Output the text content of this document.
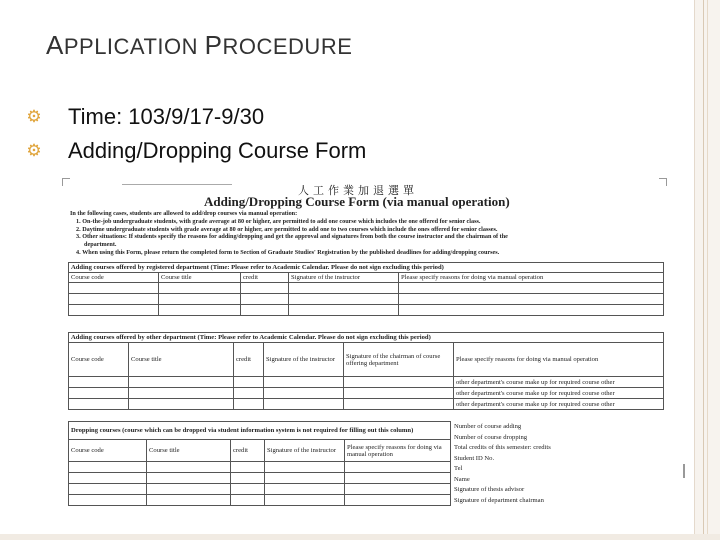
APPLICATION PROCEDURE
⚙ Time: 103/9/17-9/30
⚙ Adding/Dropping Course Form
人工作業加退選單
Adding/Dropping Course Form (via manual operation)
In the following cases, students are allowed to add/drop courses via manual operation:
1. On-the-job undergraduate students, with grade average at 80 or higher, are permitted to add one course which includes the one offered for senior class.
2. Daytime undergraduate students with grade average at 80 or higher, are permitted to add one to two courses which include the ones offered for senior classes.
3. Other situations: If students specify the reasons for adding/dropping and get the approval and signatures from both the course instructor and the chairman of the
department.
4. When using this Form, please return the completed form to Section of Graduate Studies' Registration by the published deadlines for adding/dropping courses.
Adding courses offered by registered department (Time: Please refer to Academic Calendar. Please do not sign excluding this period)				
Course code	Course title	credit	Signature of the instructor	Please specify reasons for doing via manual operation

Adding courses offered by other department (Time: Please refer to Academic Calendar. Please do not sign excluding this period)					
Course code	Course title	credit	Signature of the instructor	Signature of the chairman of course offering department	Please specify reasons for doing via manual operation
					other department's course make up for required course other
					other department's course make up for required course other
					other department's course make up for required course other
Dropping courses (course which can be dropped via student information system is not required for filling out this column)				
Course code	Course title	credit	Signature of the instructor	Please specify reasons for doing via manual operation

Number of course adding
Number of course dropping
Total credits of this semester: credits
Student ID No.
Tel
Name
Signature of thesis advisor
Signature of department chairman
